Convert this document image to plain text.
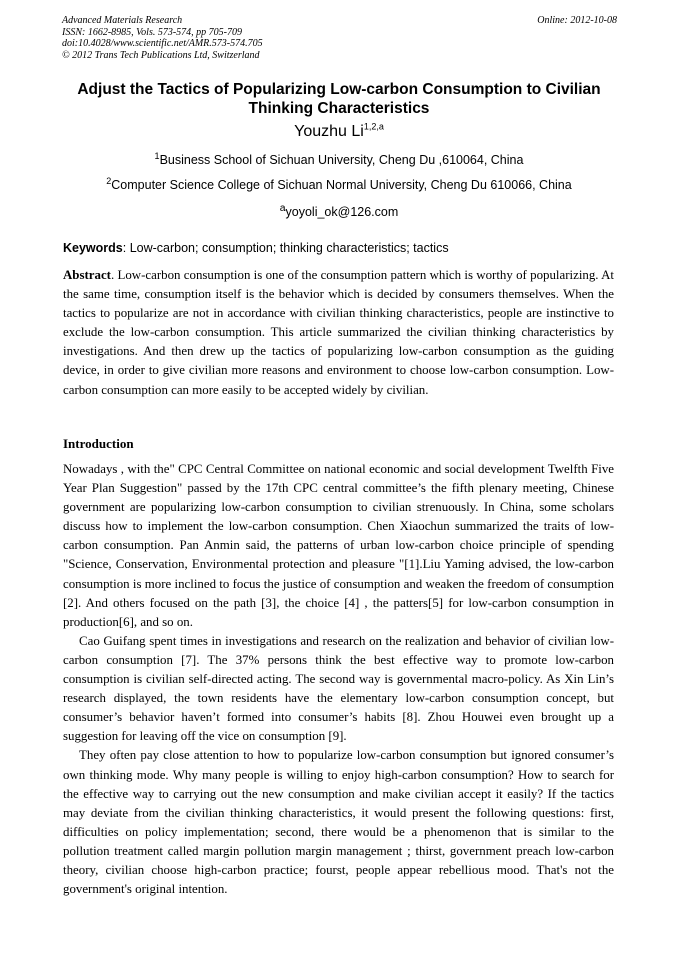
Advanced Materials Research
ISSN: 1662-8985, Vols. 573-574, pp 705-709
doi:10.4028/www.scientific.net/AMR.573-574.705
© 2012 Trans Tech Publications Ltd, Switzerland
Online: 2012-10-08
Adjust the Tactics of Popularizing Low-carbon Consumption to Civilian Thinking Characteristics
Youzhu Li$^{1,2,a}$
$^1$Business School of Sichuan University, Cheng Du ,610064, China
$^2$Computer Science College of Sichuan Normal University, Cheng Du 610066, China
$^a$yoyoli_ok@126.com
Keywords: Low-carbon; consumption; thinking characteristics; tactics
Abstract. Low-carbon consumption is one of the consumption pattern which is worthy of popularizing. At the same time, consumption itself is the behavior which is decided by consumers themselves. When the tactics to popularize are not in accordance with civilian thinking characteristics, people are instinctive to exclude the low-carbon consumption. This article summarized the civilian thinking characteristics by investigations. And then drew up the tactics of popularizing low-carbon consumption as the guiding device, in order to give civilian more reasons and environment to choose low-carbon consumption. Low-carbon consumption can more easily to be accepted widely by civilian.
Introduction

Nowadays , with the" CPC Central Committee on national economic and social development Twelfth Five Year Plan Suggestion" passed by the 17th CPC central committee’s the fifth plenary meeting, Chinese government are popularizing low-carbon consumption to civilian strenuously. In China, some scholars discuss how to implement the low-carbon consumption. Chen Xiaochun summarized the traits of low-carbon consumption. Pan Anmin said, the patterns of urban low-carbon choice principle of spending "Science, Conservation, Environmental protection and pleasure "[1].Liu Yaming advised, the low-carbon consumption is more inclined to focus the justice of consumption and weaken the freedom of consumption [2]. And others focused on the path [3], the choice [4] , the patters[5] for low-carbon consumption in production[6], and so on.

Cao Guifang spent times in investigations and research on the realization and behavior of civilian low-carbon consumption [7]. The 37% persons think the best effective way to promote low-carbon consumption is civilian self-directed acting. The second way is governmental macro-policy. As Xin Lin’s research displayed, the town residents have the elementary low-carbon consumption concept, but consumer’s behavior haven’t formed into consumer’s habits [8]. Zhou Houwei even brought up a suggestion for leaving off the vice on consumption [9].

They often pay close attention to how to popularize low-carbon consumption but ignored consumer’s own thinking mode. Why many people is willing to enjoy high-carbon consumption? How to search for the effective way to carrying out the new consumption and make civilian accept it easily? If the tactics may deviate from the civilian thinking characteristics, it would present the following questions: first, difficulties on policy implementation; second, there would be a phenomenon that is similar to the pollution treatment called margin pollution margin management ; thirst, government preach low-carbon theory, civilian choose high-carbon practice; fourst, people appear rebellious mood. That's not the government's original intention.
